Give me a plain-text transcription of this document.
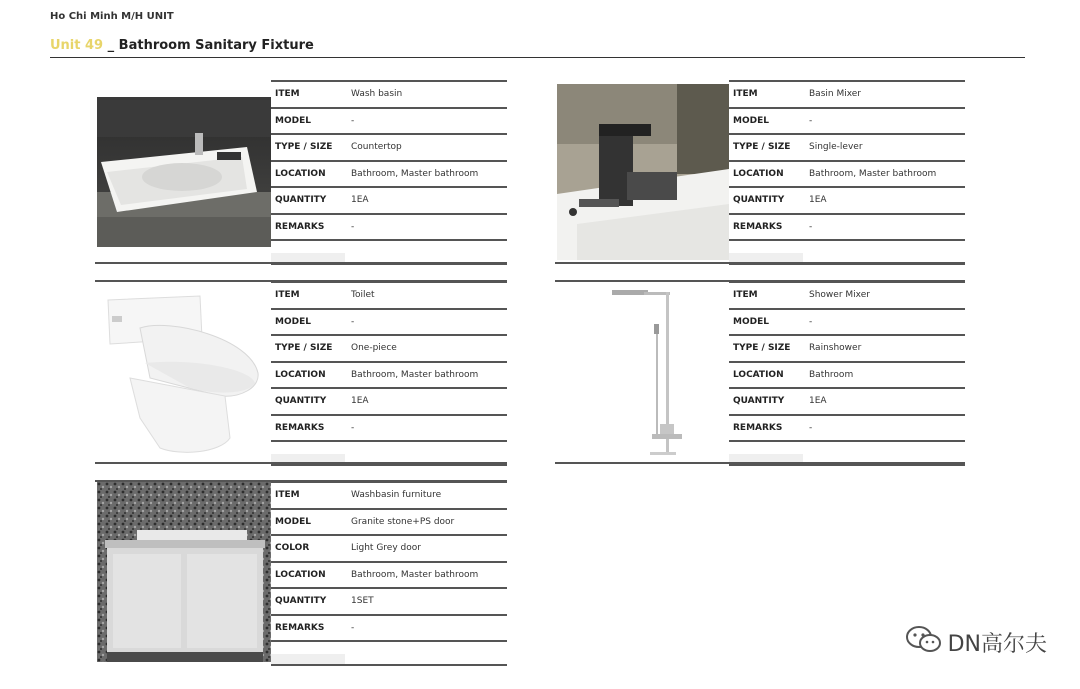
Ho Chi Minh M/H UNIT
Unit 49 _ Bathroom Sanitary Fixture
ITEM	Wash basin
MODEL	-
TYPE / SIZE	Countertop
LOCATION	Bathroom, Master bathroom
QUANTITY	1EA
REMARKS	-

ITEM	Basin Mixer
MODEL	-
TYPE / SIZE	Single-lever
LOCATION	Bathroom, Master bathroom
QUANTITY	1EA
REMARKS	-

ITEM	Toilet
MODEL	-
TYPE / SIZE	One-piece
LOCATION	Bathroom, Master bathroom
QUANTITY	1EA
REMARKS	-

ITEM	Shower Mixer
MODEL	-
TYPE / SIZE	Rainshower
LOCATION	Bathroom
QUANTITY	1EA
REMARKS	-

ITEM	Washbasin furniture
MODEL	Granite stone+PS door
COLOR	Light Grey door
LOCATION	Bathroom, Master bathroom
QUANTITY	1SET
REMARKS	-

DN高尔夫
